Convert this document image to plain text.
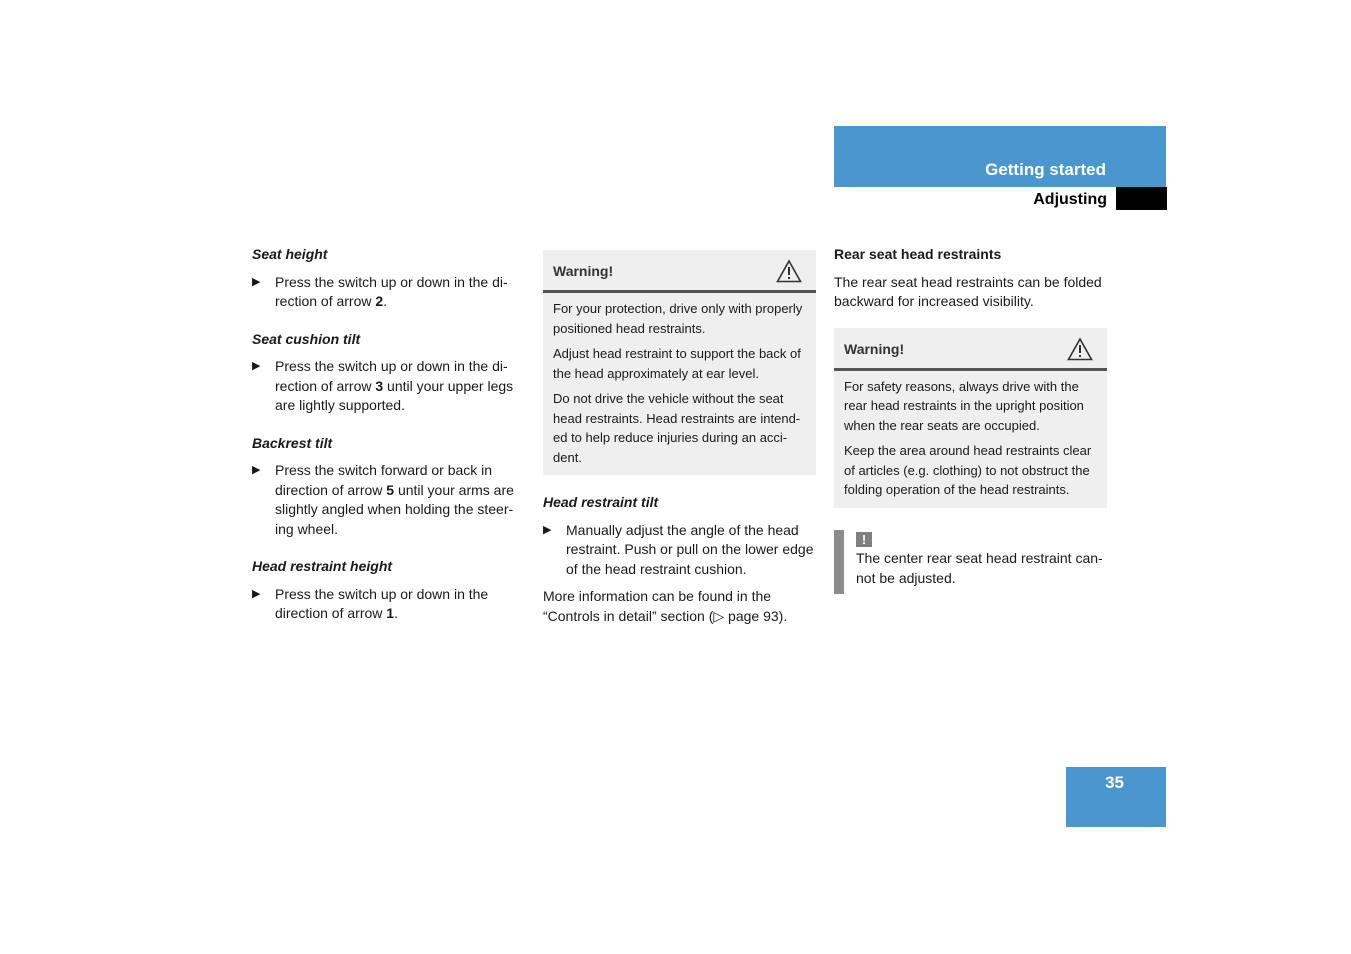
Getting started
Adjusting
Seat height
▶ Press the switch up or down in the di- rection of arrow 2.
Seat cushion tilt
▶ Press the switch up or down in the di- rection of arrow 3 until your upper legs are lightly supported.
Backrest tilt
▶ Press the switch forward or back in direction of arrow 5 until your arms are slightly angled when holding the steer-ing wheel.
Head restraint height
▶ Press the switch up or down in the direction of arrow 1.
Warning!

For your protection, drive only with properly positioned head restraints.

Adjust head restraint to support the back of the head approximately at ear level.

Do not drive the vehicle without the seat head restraints. Head restraints are intend-ed to help reduce injuries during an acci-dent.

Head restraint tilt
▶ Manually adjust the angle of the head restraint. Push or pull on the lower edge of the head restraint cushion.

More information can be found in the “Controls in detail” section (▷ page 93).

Rear seat head restraints

The rear seat head restraints can be folded backward for increased visibility.

Warning!

For safety reasons, always drive with the rear head restraints in the upright position when the rear seats are occupied.

Keep the area around head restraints clear of articles (e.g. clothing) to not obstruct the folding operation of the head restraints.

!

The center rear seat head restraint can-not be adjusted.

35
